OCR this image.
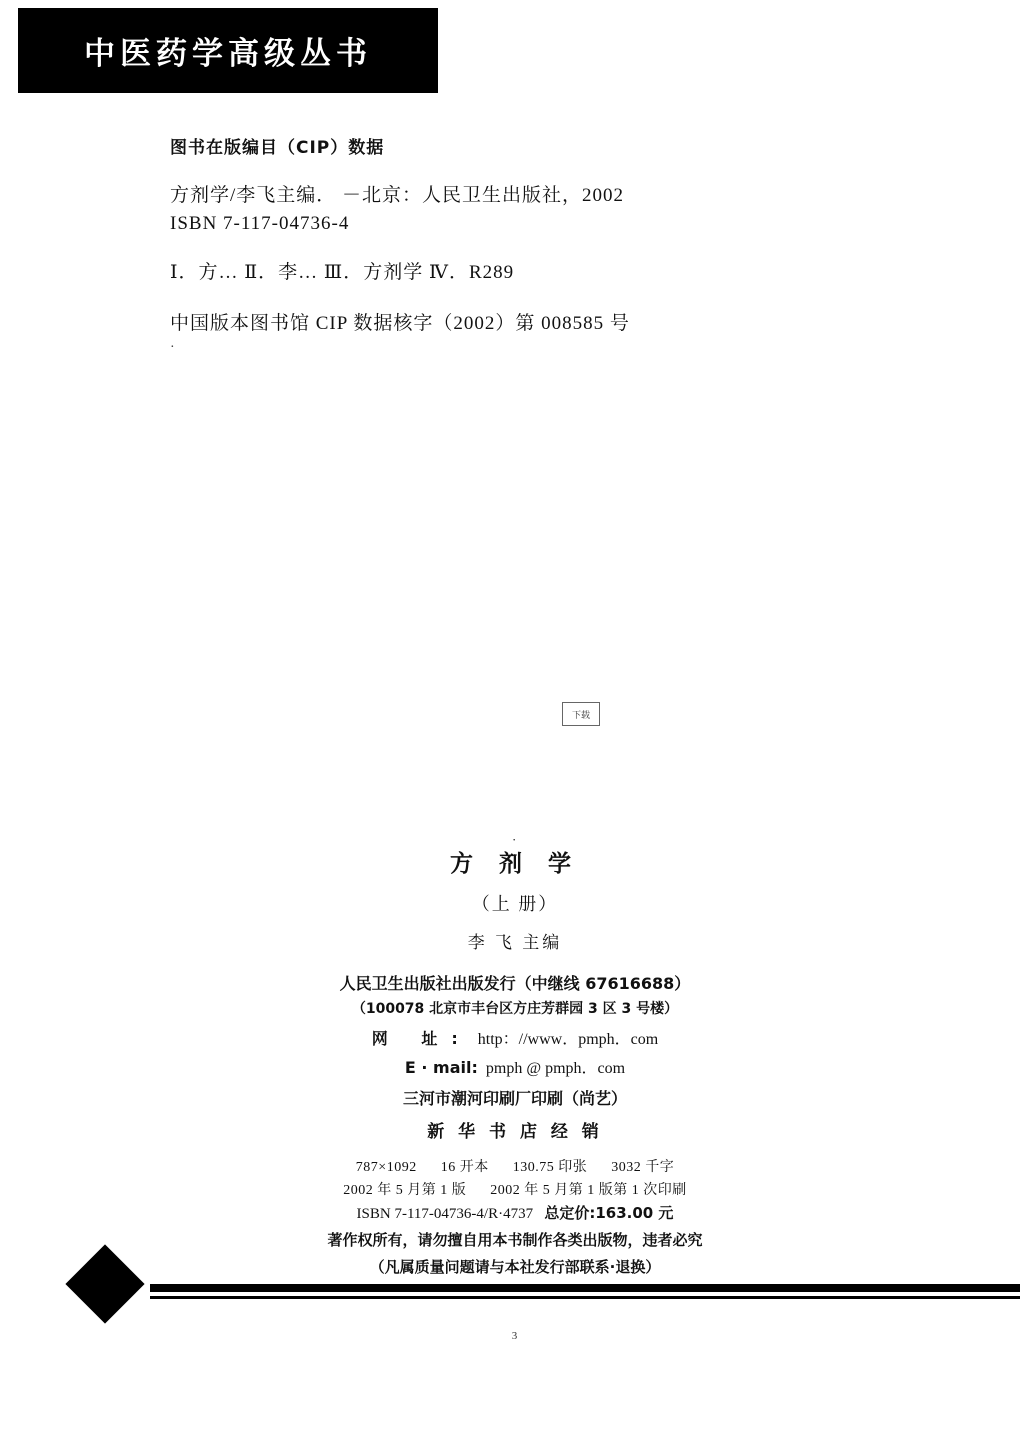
中医药学高级丛书
图书在版编目（CIP）数据
方剂学/李飞主编． －北京：人民卫生出版社，2002
ISBN 7-117-04736-4
Ⅰ．方… Ⅱ．李… Ⅲ．方剂学 Ⅳ．R289
中国版本图书馆 CIP 数据核字（2002）第 008585 号
·
下载
·
方 剂 学
（上 册）
李 飞 主编
人民卫生出版社出版发行（中继线 67616688）
（100078 北京市丰台区方庄芳群园 3 区 3 号楼）
网 址: http：//www．pmph．com
E · mail: pmph @ pmph．com
三河市潮河印刷厂印刷（尚艺）
新 华 书 店 经 销
787×1092 16 开本 130.75 印张 3032 千字
2002 年 5 月第 1 版 2002 年 5 月第 1 版第 1 次印刷
ISBN 7-117-04736-4/R·4737 总定价:163.00 元
著作权所有，请勿擅自用本书制作各类出版物，违者必究
（凡属质量问题请与本社发行部联系·退换）
3
